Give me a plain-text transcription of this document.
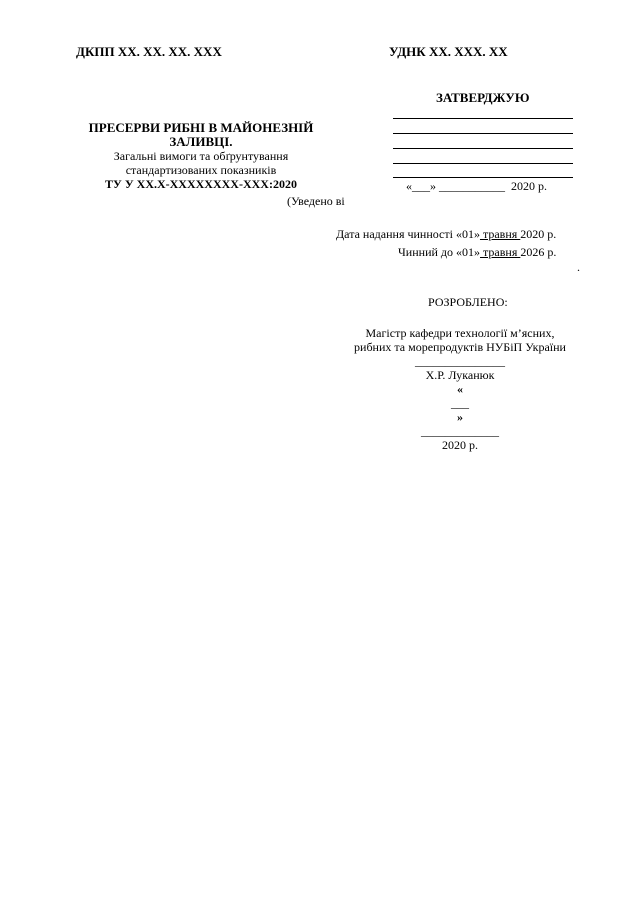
ДКПП ХХ. ХХ. ХХ. ХХХ	УДНК ХХ. ХХХ. ХХ
ЗАТВЕРДЖУЮ
«___» ___________ 2020 р.
ПРЕСЕРВИ РИБНІ В МАЙОНЕЗНІЙ
ЗАЛИВЦІ.
Загальні вимоги та обґрунтування
стандартизованих показників
ТУ У ХХ.Х-ХХХХХХХХ-ХХХ:2020
(Уведено ві
Дата надання чинності «01» травня 2020 р.
Чинний до «01» травня 2026 р.
.
РОЗРОБЛЕНО:
Магістр кафедри технології м’ясних,
рибних та морепродуктів НУБіП України
_______________
Х.Р. Луканюк
«
___
»
_____________
2020 р.
